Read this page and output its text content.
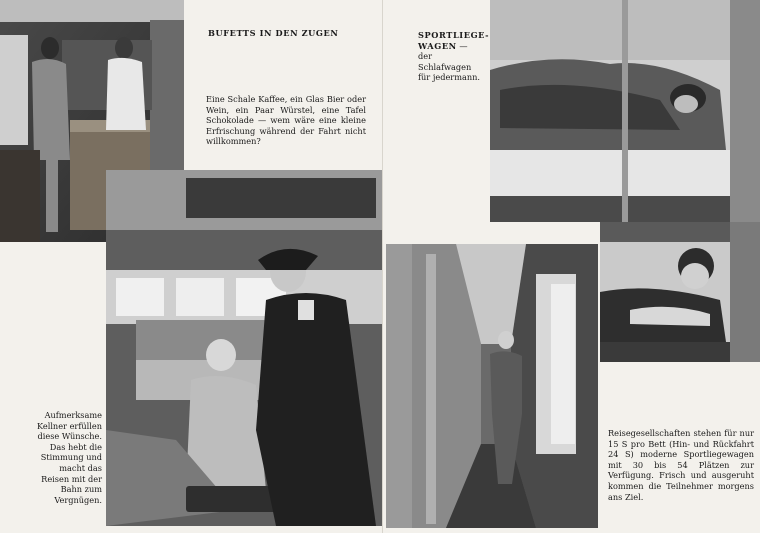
BUFETTS IN DEN ZUGEN
Eine Schale Kaffee, ein Glas Bier oder Wein, ein Paar Würstel, eine Tafel Schokolade — wem wäre eine kleine Erfrischung während der Fahrt nicht willkommen?
Aufmerksame Kellner erfüllen diese Wünsche. Das hebt die Stimmung und macht das Reisen mit der Bahn zum Vergnügen.
SPORTLIEGE-WAGEN — der Schlafwagen für jedermann.
Reisegesellschaften stehen für nur 15 S pro Bett (Hin- und Rückfahrt 24 S) moderne Sportliegewagen mit 30 bis 54 Plätzen zur Verfügung. Frisch und ausgeruht kommen die Teilnehmer morgens ans Ziel.
